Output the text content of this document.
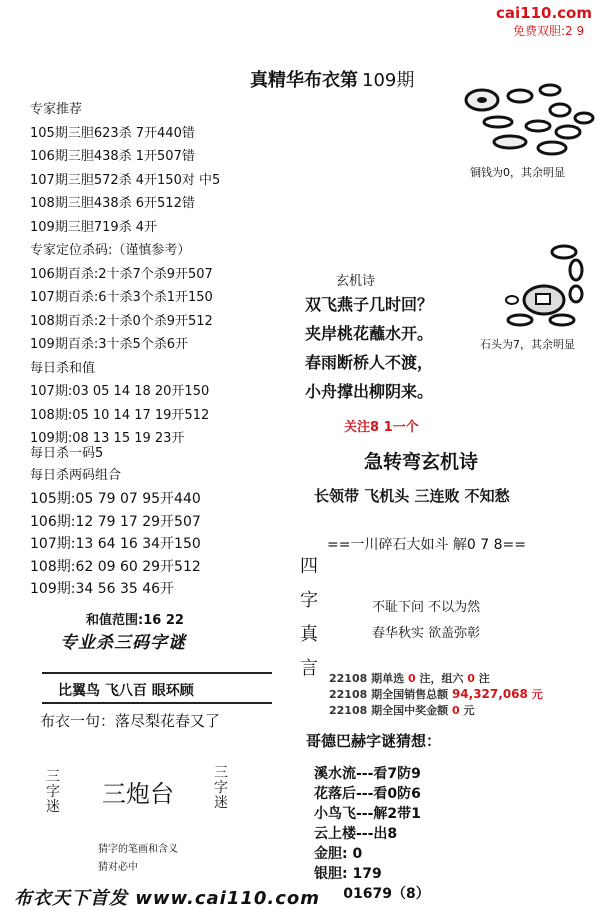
cai110.com
免费双胆:2 9
真精华布衣第 109期
专家推荐
105期三胆623杀 7开440错
106期三胆438杀 1开507错
107期三胆572杀 4开150对 中5
108期三胆438杀 6开512错
109期三胆719杀 4开
专家定位杀码:（谨慎参考）
106期百杀:2十杀7个杀9开507
107期百杀:6十杀3个杀1开150
108期百杀:2十杀0个杀9开512
109期百杀:3十杀5个杀6开
每日杀和值
107期:03 05 14 18 20开150
108期:05 10 14 17 19开512
109期:08 13 15 19 23开
每日杀一码5
每日杀两码组合
105期:05 79 07 95开440
106期:12 79 17 29开507
107期:13 64 16 34开150
108期:62 09 60 29开512
109期:34 56 35 46开
和值范围:16 22
专业杀三码字谜
比翼鸟 飞八百 眼环顾
布衣一句：落尽梨花春又了
三
字
迷 三炮台
三
字
迷
猜字的笔画和含义
猜对必中
布衣天下首发 www.cai110.com
铜钱为0，其余明显
石头为7，其余明显
玄机诗
双飞燕子几时回？
夹岸桃花蘸水开。
春雨断桥人不渡，
小舟撑出柳阴来。
关注8 1一个
急转弯玄机诗
长领带 飞机头 三连败 不知愁
==一川碎石大如斗 解0 7 8==
四
字
真
言
不耻下问 不以为然
春华秋实 欲盖弥彰
22108 期单选 0 注，组六 0 注
22108 期全国销售总额 94,327,068 元
22108 期全国中奖金额 0 元
哥德巴赫字谜猜想：
溪水流---看7防9
花落后---看0防6
小鸟飞---解2带1
云上楼---出8
金胆: 0
银胆: 179
01679（8）
